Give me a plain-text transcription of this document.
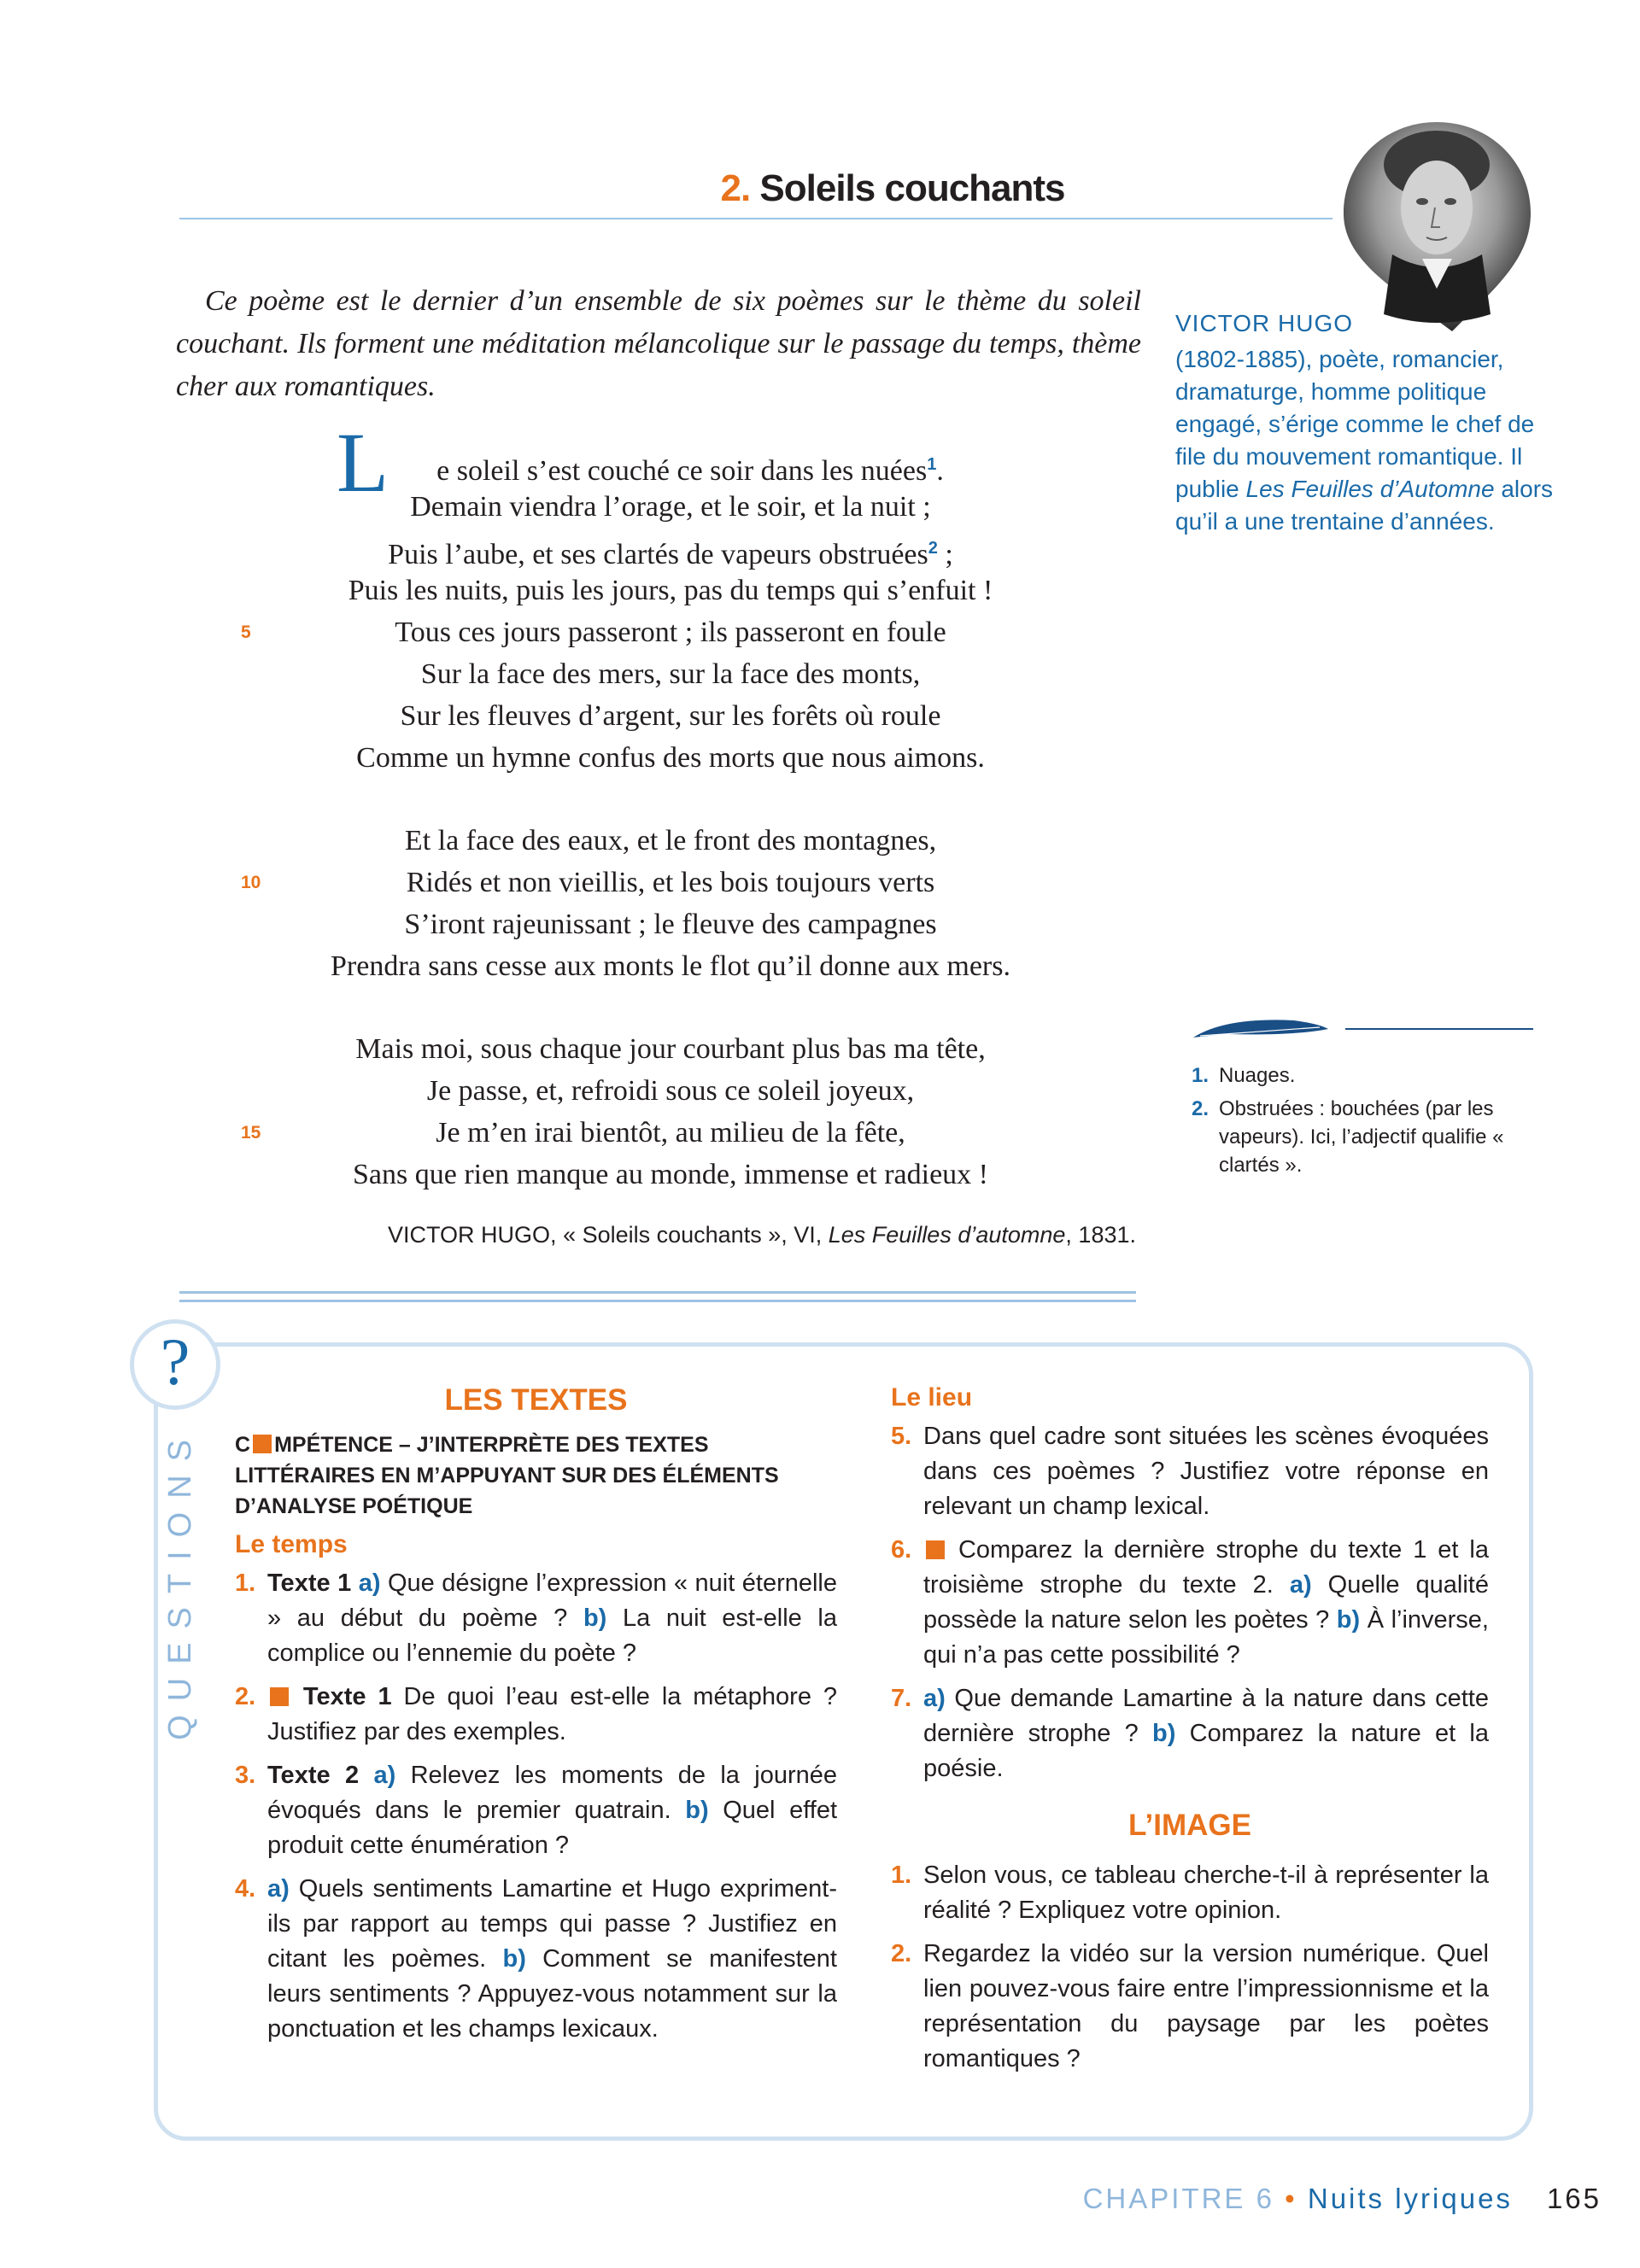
2. Soleils couchants
Ce poème est le dernier d’un ensemble de six poèmes sur le thème du soleil couchant. Ils forment une méditation mélancolique sur le passage du temps, thème cher aux romantiques.
L e soleil s’est couché ce soir dans les nuées$^1$.
Demain viendra l’orage, et le soir, et la nuit ;
Puis l’aube, et ses clartés de vapeurs obstruées$^2$ ;
Puis les nuits, puis les jours, pas du temps qui s’enfuit !
5	Tous ces jours passeront ; ils passeront en foule
Sur la face des mers, sur la face des monts,
Sur les fleuves d’argent, sur les forêts où roule
Comme un hymne confus des morts que nous aimons.
Et la face des eaux, et le front des montagnes,
10	Ridés et non vieillis, et les bois toujours verts
S’iront rajeunissant ; le fleuve des campagnes
Prendra sans cesse aux monts le flot qu’il donne aux mers.
Mais moi, sous chaque jour courbant plus bas ma tête,
Je passe, et, refroidi sous ce soleil joyeux,
15	Je m’en irai bientôt, au milieu de la fête,
Sans que rien manque au monde, immense et radieux !
VICTOR HUGO, « Soleils couchants », VI, Les Feuilles d’automne, 1831.
VICTOR HUGO
(1802-1885), poète, romancier, dramaturge, homme politique engagé, s’érige comme le chef de file du mouvement romantique. Il publie Les Feuilles d’Automne alors qu’il a une trentaine d’années.
1. Nuages.
2. Obstruées : bouchées (par les vapeurs). Ici, l’adjectif qualifie « clartés ».
?
QUESTIONS
LES TEXTES
C MPÉTENCE – J’INTERPRÈTE DES TEXTES LITTÉRAIRES EN M’APPUYANT SUR DES ÉLÉMENTS D’ANALYSE POÉTIQUE
Le temps
1. Texte 1 a) Que désigne l’expression « nuit éternelle » au début du poème ? b) La nuit est-elle la complice ou l’ennemie du poète ?
2.	Texte 1 De quoi l’eau est-elle la métaphore ? Justifiez par des exemples.
3. Texte 2 a) Relevez les moments de la journée évoqués dans le premier quatrain. b) Quel effet produit cette énumération ?
4. a) Quels sentiments Lamartine et Hugo expriment-ils par rapport au temps qui passe ? Justifiez en citant les poèmes. b) Comment se manifestent leurs sentiments ? Appuyez-vous notamment sur la ponctuation et les champs lexicaux.
Le lieu
5. Dans quel cadre sont situées les scènes évoquées dans ces poèmes ? Justifiez votre réponse en relevant un champ lexical.
6.	Comparez la dernière strophe du texte 1 et la troisième strophe du texte 2. a) Quelle qualité possède la nature selon les poètes ? b) À l’inverse, qui n’a pas cette possibilité ?
7. a) Que demande Lamartine à la nature dans cette dernière strophe ? b) Comparez la nature et la poésie.
L’IMAGE
1. Selon vous, ce tableau cherche-t-il à représenter la réalité ? Expliquez votre opinion.
2. Regardez la vidéo sur la version numérique. Quel lien pouvez-vous faire entre l’impressionnisme et la représentation du paysage par les poètes romantiques ?
CHAPITRE 6 • Nuits lyriques 165
